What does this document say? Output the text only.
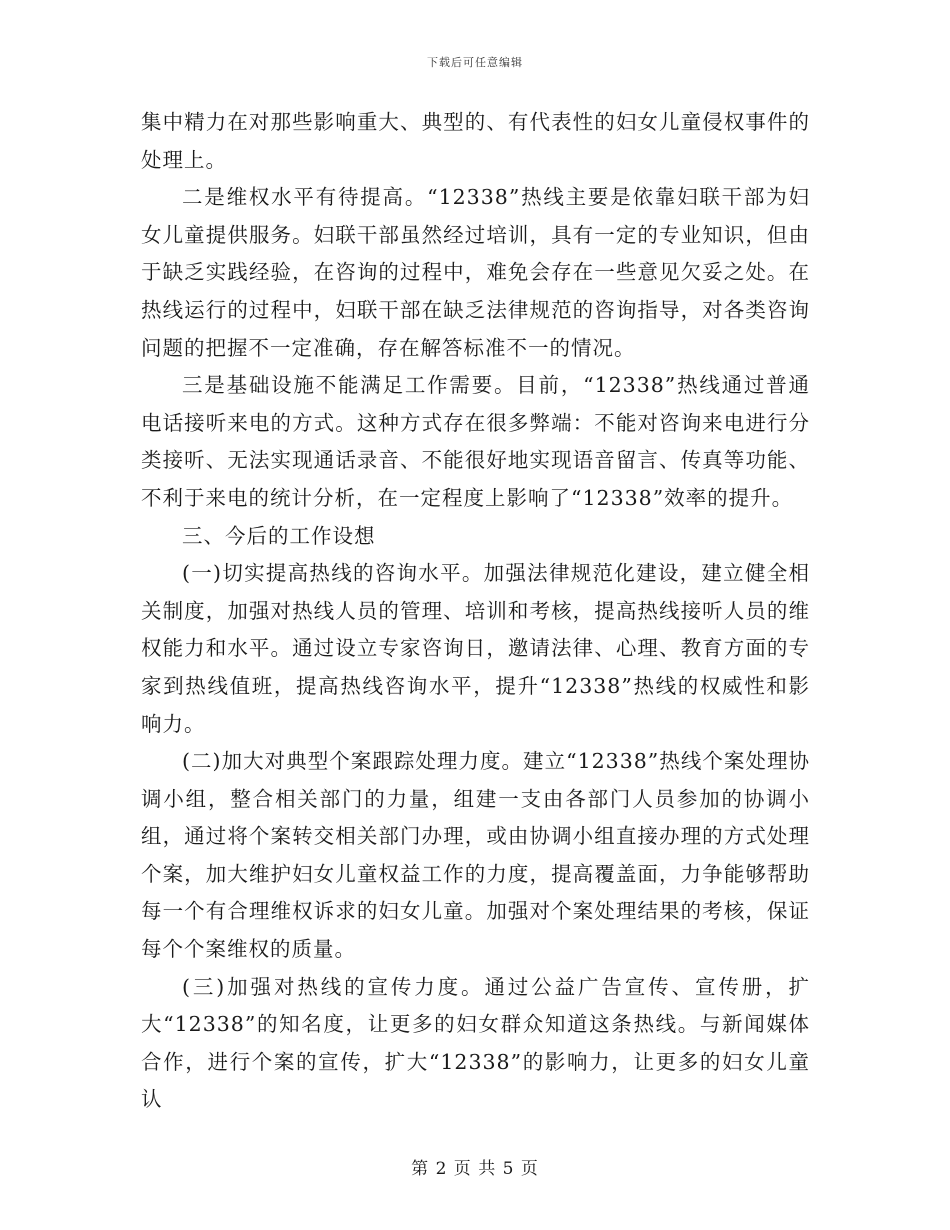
下载后可任意编辑

集中精力在对那些影响重大、典型的、有代表性的妇女儿童侵权事件的处理上。

二是维权水平有待提高。“12338”热线主要是依靠妇联干部为妇女儿童提供服务。妇联干部虽然经过培训，具有一定的专业知识，但由于缺乏实践经验，在咨询的过程中，难免会存在一些意见欠妥之处。在热线运行的过程中，妇联干部在缺乏法律规范的咨询指导，对各类咨询问题的把握不一定准确，存在解答标准不一的情况。

三是基础设施不能满足工作需要。目前，“12338”热线通过普通电话接听来电的方式。这种方式存在很多弊端：不能对咨询来电进行分类接听、无法实现通话录音、不能很好地实现语音留言、传真等功能、不利于来电的统计分析，在一定程度上影响了“12338”效率的提升。

三、今后的工作设想

(一)切实提高热线的咨询水平。加强法律规范化建设，建立健全相关制度，加强对热线人员的管理、培训和考核，提高热线接听人员的维权能力和水平。通过设立专家咨询日，邀请法律、心理、教育方面的专家到热线值班，提高热线咨询水平，提升“12338”热线的权威性和影响力。

(二)加大对典型个案跟踪处理力度。建立“12338”热线个案处理协调小组，整合相关部门的力量，组建一支由各部门人员参加的协调小组，通过将个案转交相关部门办理，或由协调小组直接办理的方式处理个案，加大维护妇女儿童权益工作的力度，提高覆盖面，力争能够帮助每一个有合理维权诉求的妇女儿童。加强对个案处理结果的考核，保证每个个案维权的质量。

(三)加强对热线的宣传力度。通过公益广告宣传、宣传册，扩大“12338”的知名度，让更多的妇女群众知道这条热线。与新闻媒体合作，进行个案的宣传，扩大“12338”的影响力，让更多的妇女儿童认

第 2 页 共 5 页
